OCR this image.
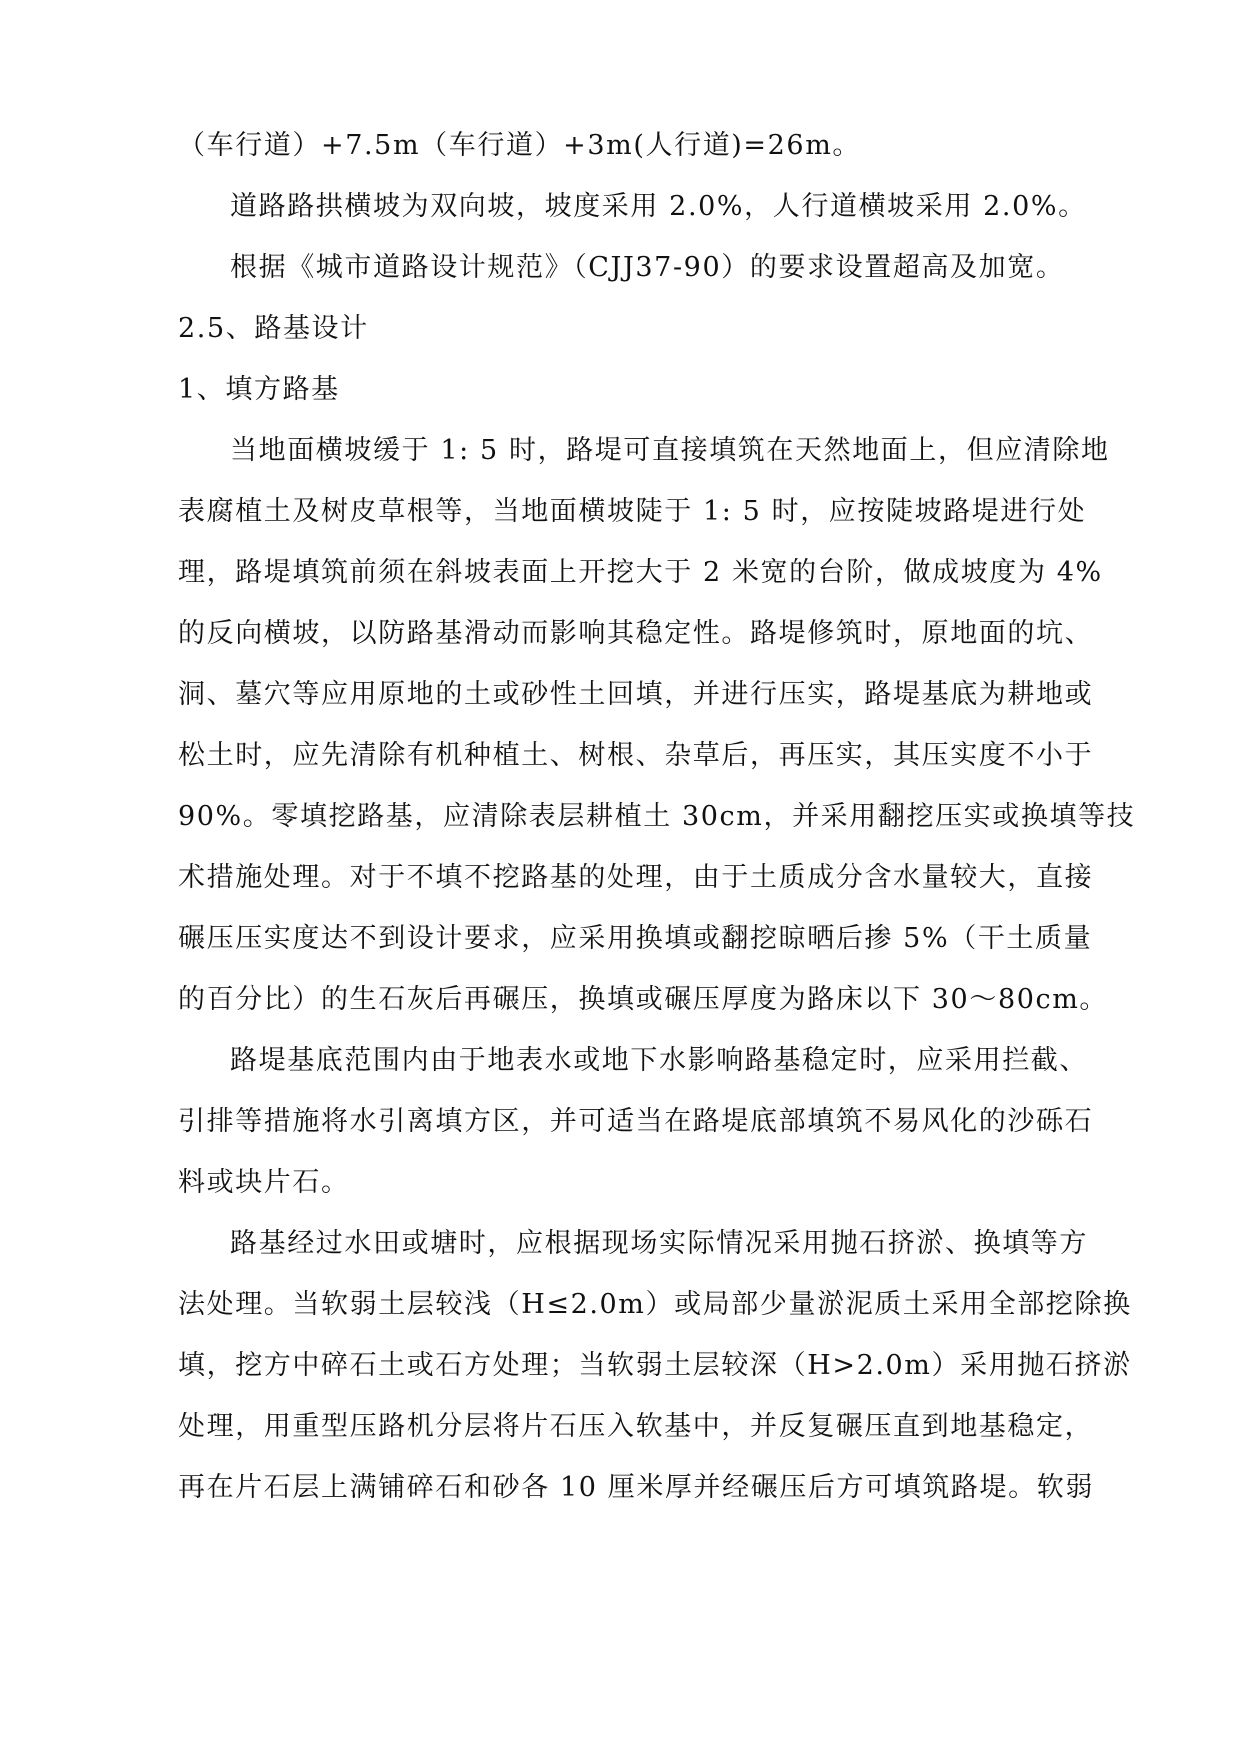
（车行道）+7.5m（车行道）+3m(人行道)=26m。
道路路拱横坡为双向坡，坡度采用 2.0%，人行道横坡采用 2.0%。
根据《城市道路设计规范》（CJJ37-90）的要求设置超高及加宽。
2.5、路基设计
1、填方路基
当地面横坡缓于 1: 5 时，路堤可直接填筑在天然地面上，但应清除地
表腐植土及树皮草根等，当地面横坡陡于 1: 5 时，应按陡坡路堤进行处
理，路堤填筑前须在斜坡表面上开挖大于 2 米宽的台阶，做成坡度为 4%
的反向横坡，以防路基滑动而影响其稳定性。路堤修筑时，原地面的坑、
洞、墓穴等应用原地的土或砂性土回填，并进行压实，路堤基底为耕地或
松土时，应先清除有机种植土、树根、杂草后，再压实，其压实度不小于
90%。零填挖路基，应清除表层耕植土 30cm，并采用翻挖压实或换填等技
术措施处理。对于不填不挖路基的处理，由于土质成分含水量较大，直接
碾压压实度达不到设计要求，应采用换填或翻挖晾晒后掺 5%（干土质量
的百分比）的生石灰后再碾压，换填或碾压厚度为路床以下 30～80cm。
路堤基底范围内由于地表水或地下水影响路基稳定时，应采用拦截、
引排等措施将水引离填方区，并可适当在路堤底部填筑不易风化的沙砾石
料或块片石。
路基经过水田或塘时，应根据现场实际情况采用抛石挤淤、换填等方
法处理。当软弱土层较浅（H≤2.0m）或局部少量淤泥质土采用全部挖除换
填，挖方中碎石土或石方处理；当软弱土层较深（H>2.0m）采用抛石挤淤
处理，用重型压路机分层将片石压入软基中，并反复碾压直到地基稳定，
再在片石层上满铺碎石和砂各 10 厘米厚并经碾压后方可填筑路堤。软弱
